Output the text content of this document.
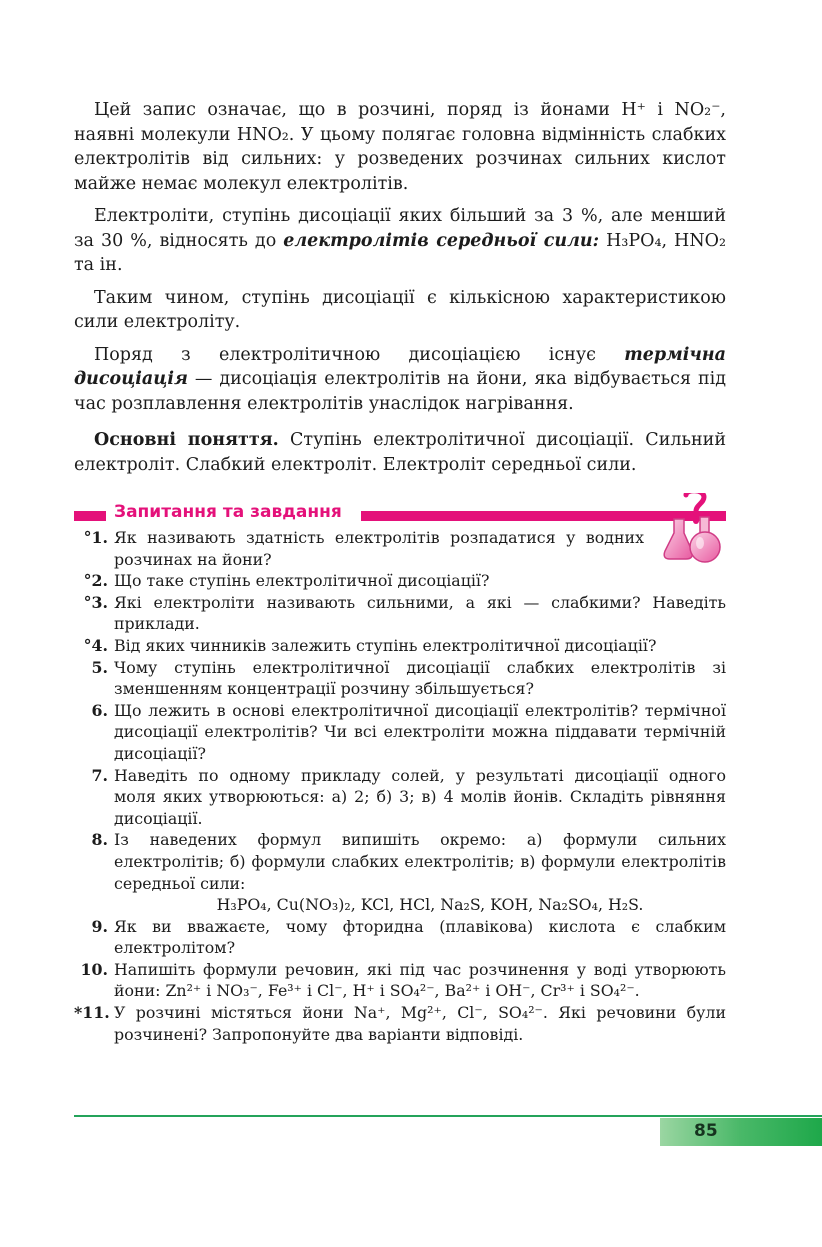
Цей запис означає, що в розчині, поряд із йонами H⁺ і NO₂⁻, наявні молекули HNO₂. У цьому полягає головна відмінність слабких електролітів від сильних: у розведених розчинах сильних кислот майже немає молекул електролітів.

Електроліти, ступінь дисоціації яких більший за 3 %, але менший за 30 %, відносять до електролітів середньої сили: H₃PO₄, HNO₂ та ін.

Таким чином, ступінь дисоціації є кількісною характеристикою сили електроліту.

Поряд з електролітичною дисоціацією існує термічна дисоціація — дисоціація електролітів на йони, яка відбувається під час розплавлення електролітів унаслідок нагрівання.

Основні поняття. Ступінь електролітичної дисоціації. Сильний електроліт. Слабкий електроліт. Електроліт середньої сили.

Запитання та завдання
°1. Як називають здатність електролітів розпадатися у водних розчинах на йони?
°2. Що таке ступінь електролітичної дисоціації?
°3. Які електроліти називають сильними, а які — слабкими? Наведіть приклади.
°4. Від яких чинників залежить ступінь електролітичної дисоціації?
5. Чому ступінь електролітичної дисоціації слабких електролітів зі зменшенням концентрації розчину збільшується?
6. Що лежить в основі електролітичної дисоціації електролітів? термічної дисоціації електролітів? Чи всі електроліти можна піддавати термічній дисоціації?
7. Наведіть по одному прикладу солей, у результаті дисоціації одного моля яких утворюються: а) 2; б) 3; в) 4 молів йонів. Складіть рівняння дисоціації.
8. Із наведених формул випишіть окремо: а) формули сильних електролітів; б) формули слабких електролітів; в) формули електролітів середньої сили:
H₃PO₄, Cu(NO₃)₂, KCl, HCl, Na₂S, KOH, Na₂SO₄, H₂S.
9. Як ви вважаєте, чому фторидна (плавікова) кислота є слабким електролітом?
10. Напишіть формули речовин, які під час розчинення у воді утворюють йони: Zn²⁺ і NO₃⁻, Fe³⁺ і Cl⁻, H⁺ і SO₄²⁻, Ba²⁺ і OH⁻, Cr³⁺ і SO₄²⁻.
*11. У розчині містяться йони Na⁺, Mg²⁺, Cl⁻, SO₄²⁻. Які речовини були розчинені? Запропонуйте два варіанти відповіді.
85
